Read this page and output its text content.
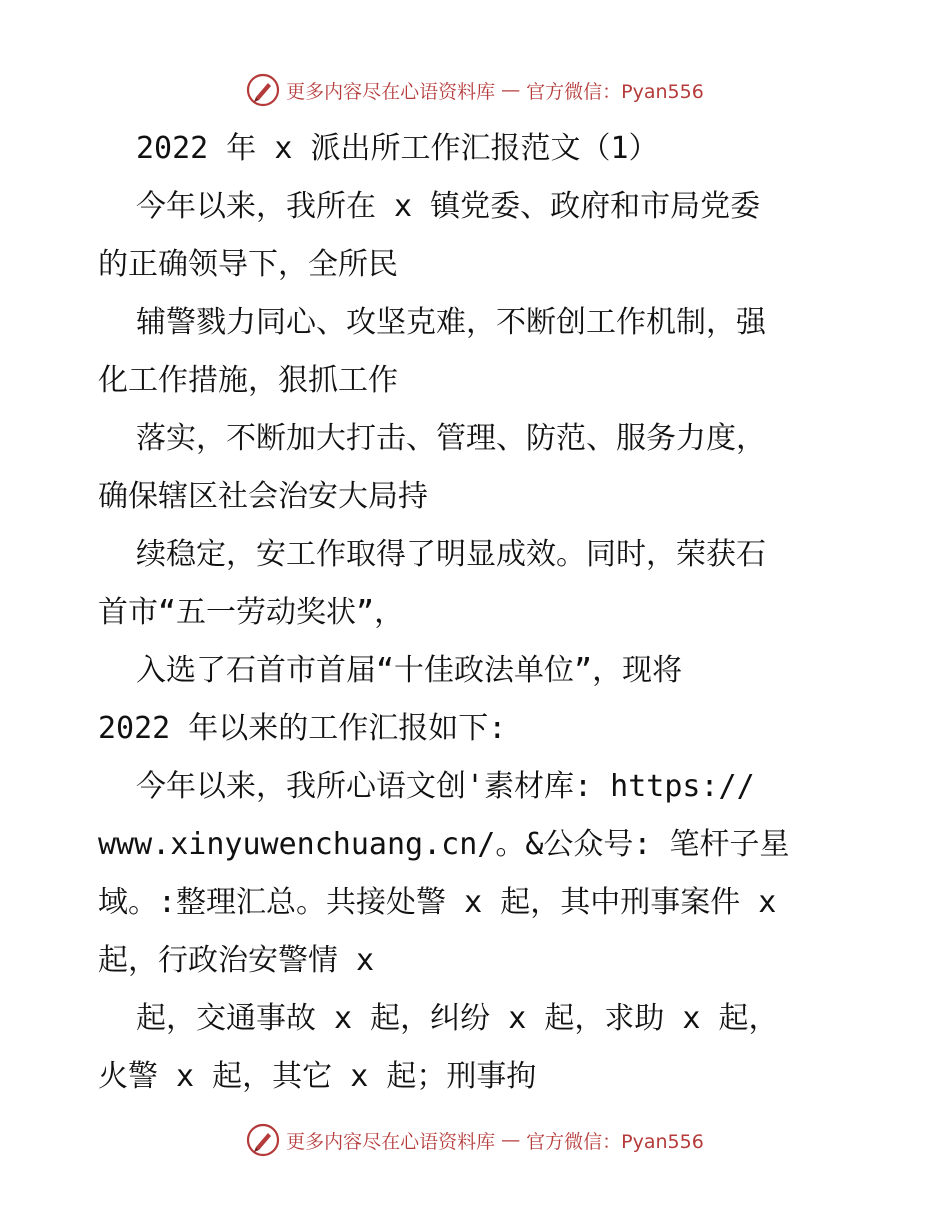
更多内容尽在心语资料库 — 官方微信：Pyan556
2022 年 x 派出所工作汇报范文（1）
今年以来，我所在 x 镇党委、政府和市局党委
的正确领导下，全所民
辅警戮力同心、攻坚克难，不断创工作机制，强
化工作措施，狠抓工作
落实，不断加大打击、管理、防范、服务力度，
确保辖区社会治安大局持
续稳定，安工作取得了明显成效。同时，荣获石
首市“五一劳动奖状”，
入选了石首市首届“十佳政法单位”，现将
2022 年以来的工作汇报如下:
今年以来，我所心语文创'素材库: https://
www.xinyuwenchuang.cn/。&公众号: 笔杆子星
域。:整理汇总。共接处警 x 起，其中刑事案件 x
起，行政治安警情 x
起，交通事故 x 起，纠纷 x 起，求助 x 起，
火警 x 起，其它 x 起；刑事拘
更多内容尽在心语资料库 — 官方微信：Pyan556
